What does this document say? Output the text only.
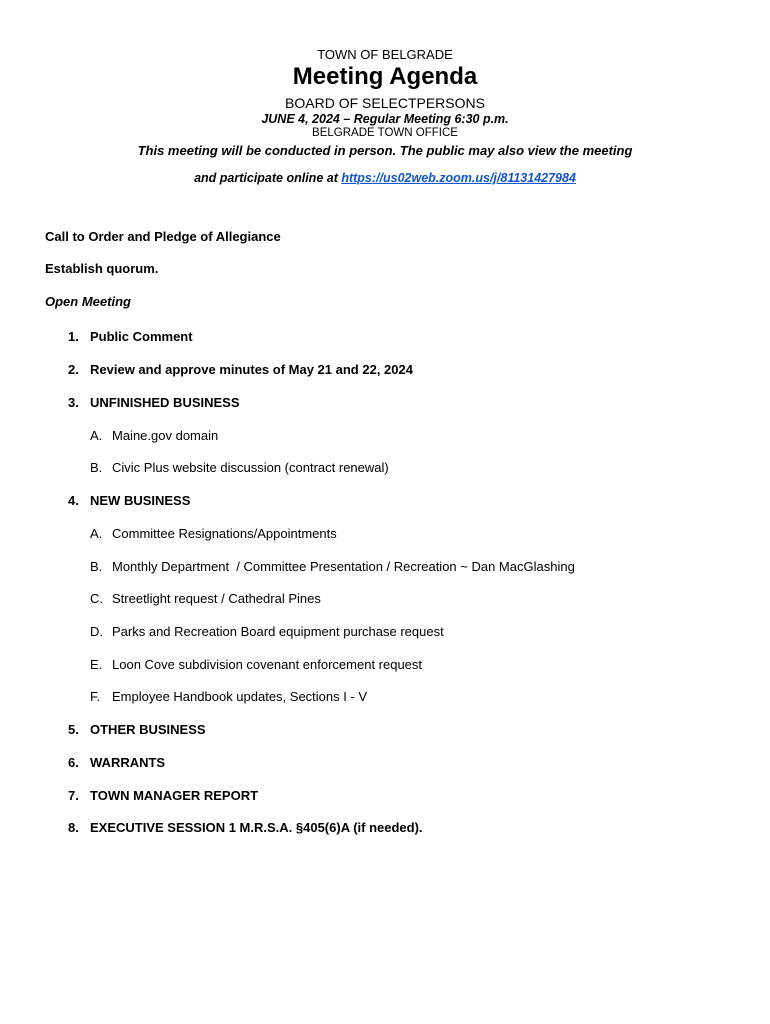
TOWN OF BELGRADE
Meeting Agenda
BOARD OF SELECTPERSONS
JUNE 4, 2024 – Regular Meeting 6:30 p.m.
BELGRADE TOWN OFFICE
This meeting will be conducted in person. The public may also view the meeting
and participate online at https://us02web.zoom.us/j/81131427984
Call to Order and Pledge of Allegiance
Establish quorum.
Open Meeting
1. Public Comment
2. Review and approve minutes of May 21 and 22, 2024
3. UNFINISHED BUSINESS
A. Maine.gov domain
B. Civic Plus website discussion (contract renewal)
4. NEW BUSINESS
A. Committee Resignations/Appointments
B. Monthly Department  / Committee Presentation / Recreation ~ Dan MacGlashing
C. Streetlight request / Cathedral Pines
D. Parks and Recreation Board equipment purchase request
E. Loon Cove subdivision covenant enforcement request
F. Employee Handbook updates, Sections I - V
5. OTHER BUSINESS
6. WARRANTS
7. TOWN MANAGER REPORT
8. EXECUTIVE SESSION 1 M.R.S.A. §405(6)A (if needed).
